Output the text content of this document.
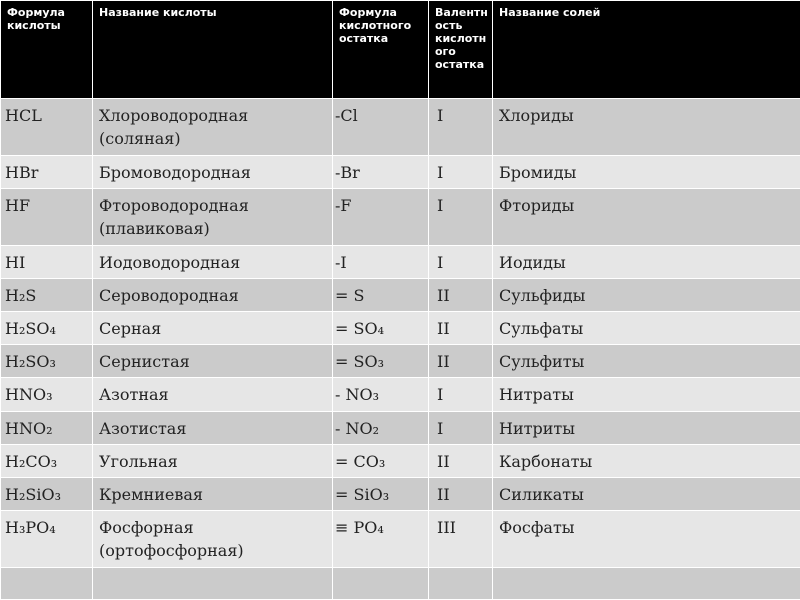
Формула кислоты	Название кислоты	Формула кислотного остатка	Валентность кислотного остатка	Название солей
HCL	Хлороводородная (соляная)	-Cl	I	Хлориды
HBr	Бромоводородная	-Br	I	Бромиды
HF	Фтороводородная (плавиковая)	-F	I	Фториды
HI	Иодоводородная	-I	I	Иодиды
H₂S	Сероводородная	= S	II	Сульфиды
H₂SO₄	Серная	= SO₄	II	Сульфаты
H₂SO₃	Сернистая	= SO₃	II	Сульфиты
HNO₃	Азотная	- NO₃	I	Нитраты
HNO₂	Азотистая	- NO₂	I	Нитриты
H₂CO₃	Угольная	= CO₃	II	Карбонаты
H₂SiO₃	Кремниевая	= SiO₃	II	Силикаты
H₃PO₄	Фосфорная (ортофосфорная)	≡ PO₄	III	Фосфаты
